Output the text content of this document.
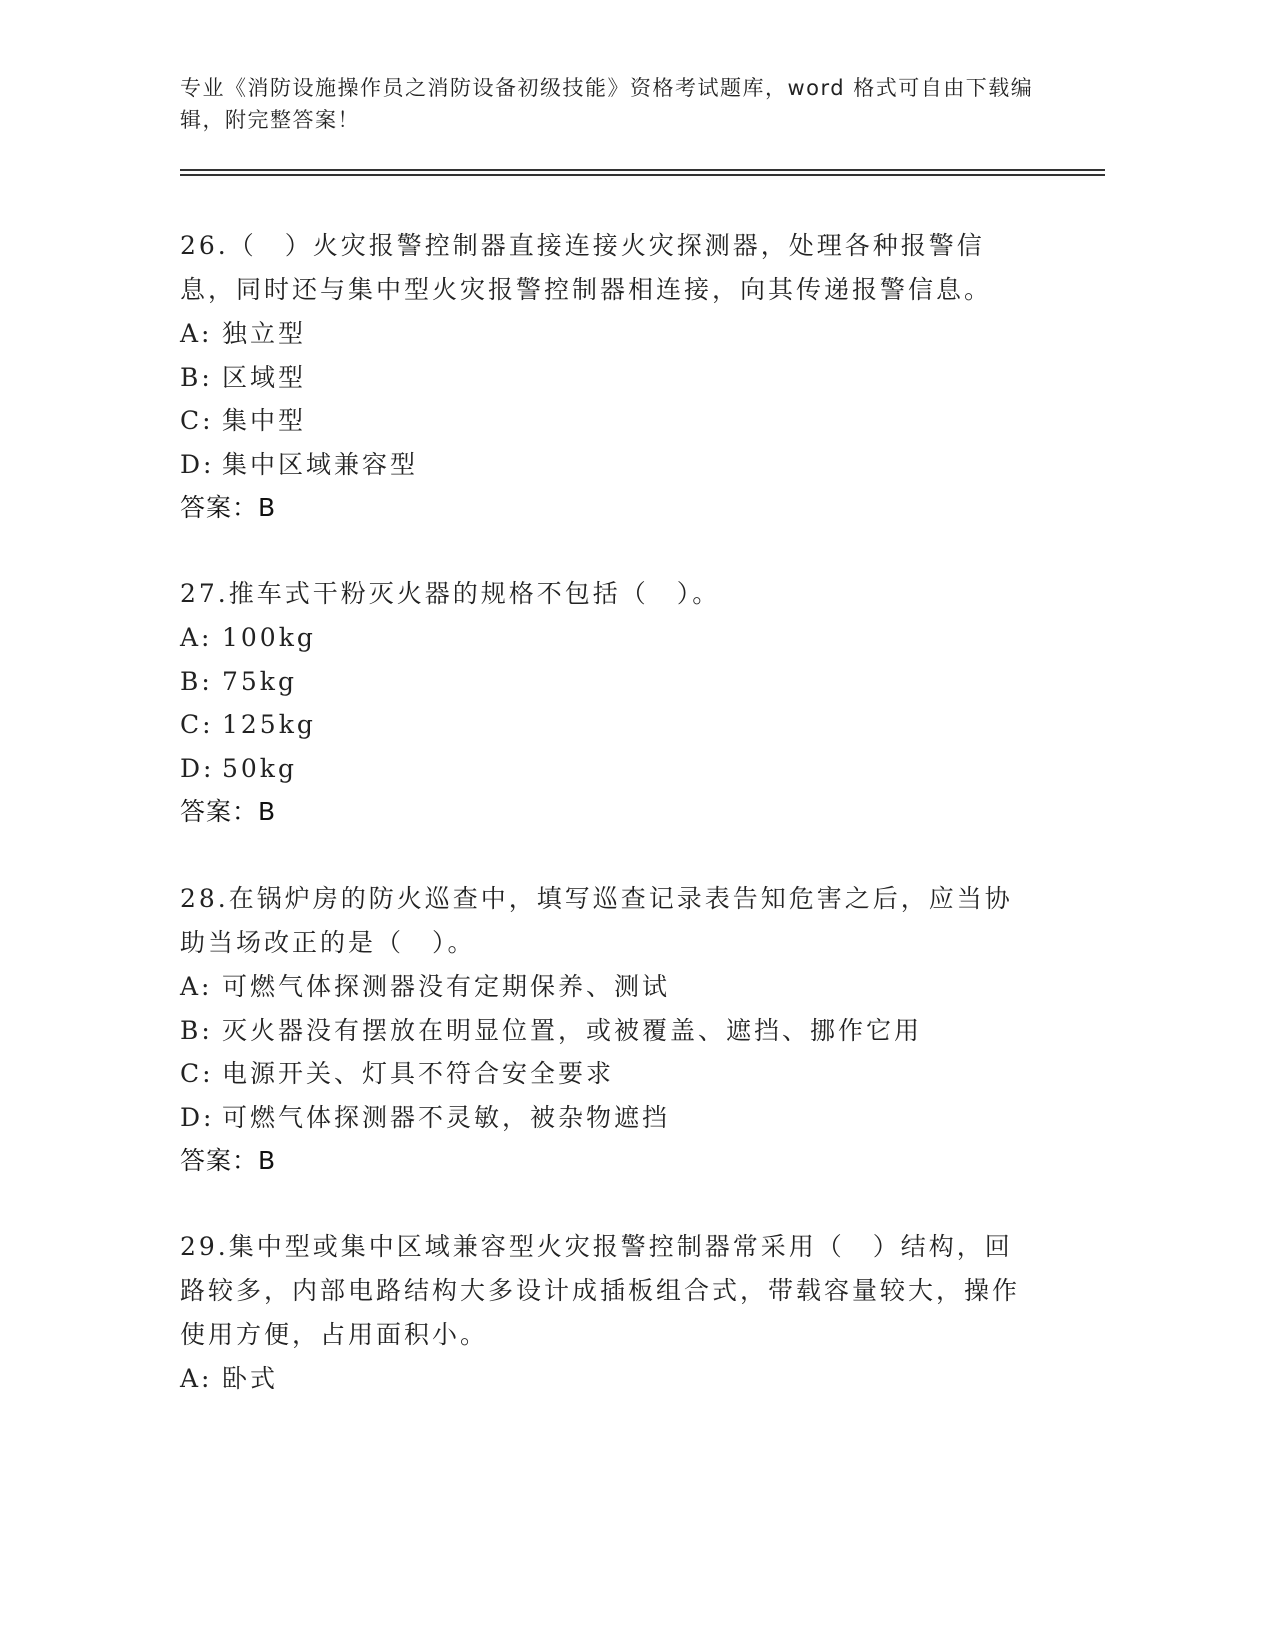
专业《消防设施操作员之消防设备初级技能》资格考试题库，word 格式可自由下载编辑，附完整答案！

26.（　）火灾报警控制器直接连接火灾探测器，处理各种报警信息，同时还与集中型火灾报警控制器相连接，向其传递报警信息。

A: 独立型

B: 区域型

C: 集中型

D: 集中区域兼容型

答案：B

27.推车式干粉灭火器的规格不包括（　）。

A: 100kg

B: 75kg

C: 125kg

D: 50kg

答案：B

28.在锅炉房的防火巡查中，填写巡查记录表告知危害之后，应当协助当场改正的是（　）。

A: 可燃气体探测器没有定期保养、测试

B: 灭火器没有摆放在明显位置，或被覆盖、遮挡、挪作它用

C: 电源开关、灯具不符合安全要求

D: 可燃气体探测器不灵敏，被杂物遮挡

答案：B

29.集中型或集中区域兼容型火灾报警控制器常采用（　）结构，回路较多，内部电路结构大多设计成插板组合式，带载容量较大，操作使用方便，占用面积小。

A: 卧式
